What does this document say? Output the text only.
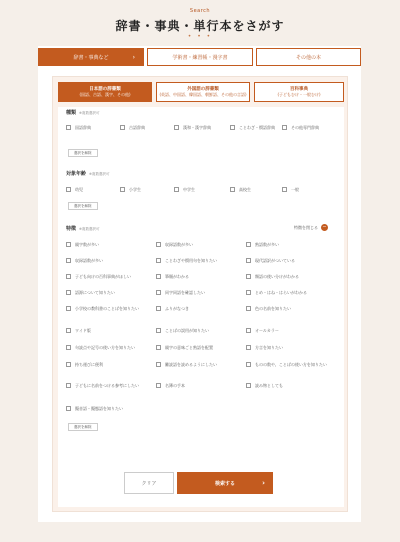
Search
辞書・事典・単行本をさがす
• • •
辞書・事典など	›	学術書・練習帳・漫字書	その他の本
日本語の辞書類
(国語、古語、漢字、その他)
外国語の辞書類
(英語、中国語、韓国語、朝鮮語、その他の言語)
百科事典
(子どもむけ・一般むけ)
種類 ※複数選択可
国語辞典	古語辞典	漢和・漢字辞典	ことわざ・慣語辞典	その他専門辞典
選択を解除
対象年齢 ※複数選択可
幼児	小学生	中学生	高校生	一般
選択を解除
特徴 ※複数選択可	特徴を閉じる −
親字数が多い	収録語数が多い	熟語数が多い
収録語数が多い	ことわざや慣用句を知りたい	現代語訳がついている
子ども向けの百科事典がほしい	筆順がわかる	類語の使い分けがわかる
語源について知りたい	同字同語を確認したい	とめ・はね・はらいがわかる
小学校の教科書のことばを知りたい	ふりがなつき	色の名前を知りたい
ワイド版	ことばの誤用が知りたい	オールカラー
句読点や記号の使い方を知りたい	親字の意味ごと熟語を配置	方言を知りたい
持ち運びに便利	難読語を読めるようにしたい	ものの数や、ことばの使い方を知りたい
子どもに名前をつける参考にしたい	名簿の手本	読み物としても
擬音語・擬態語を知りたい
選択を解除
クリア	検索する	›
